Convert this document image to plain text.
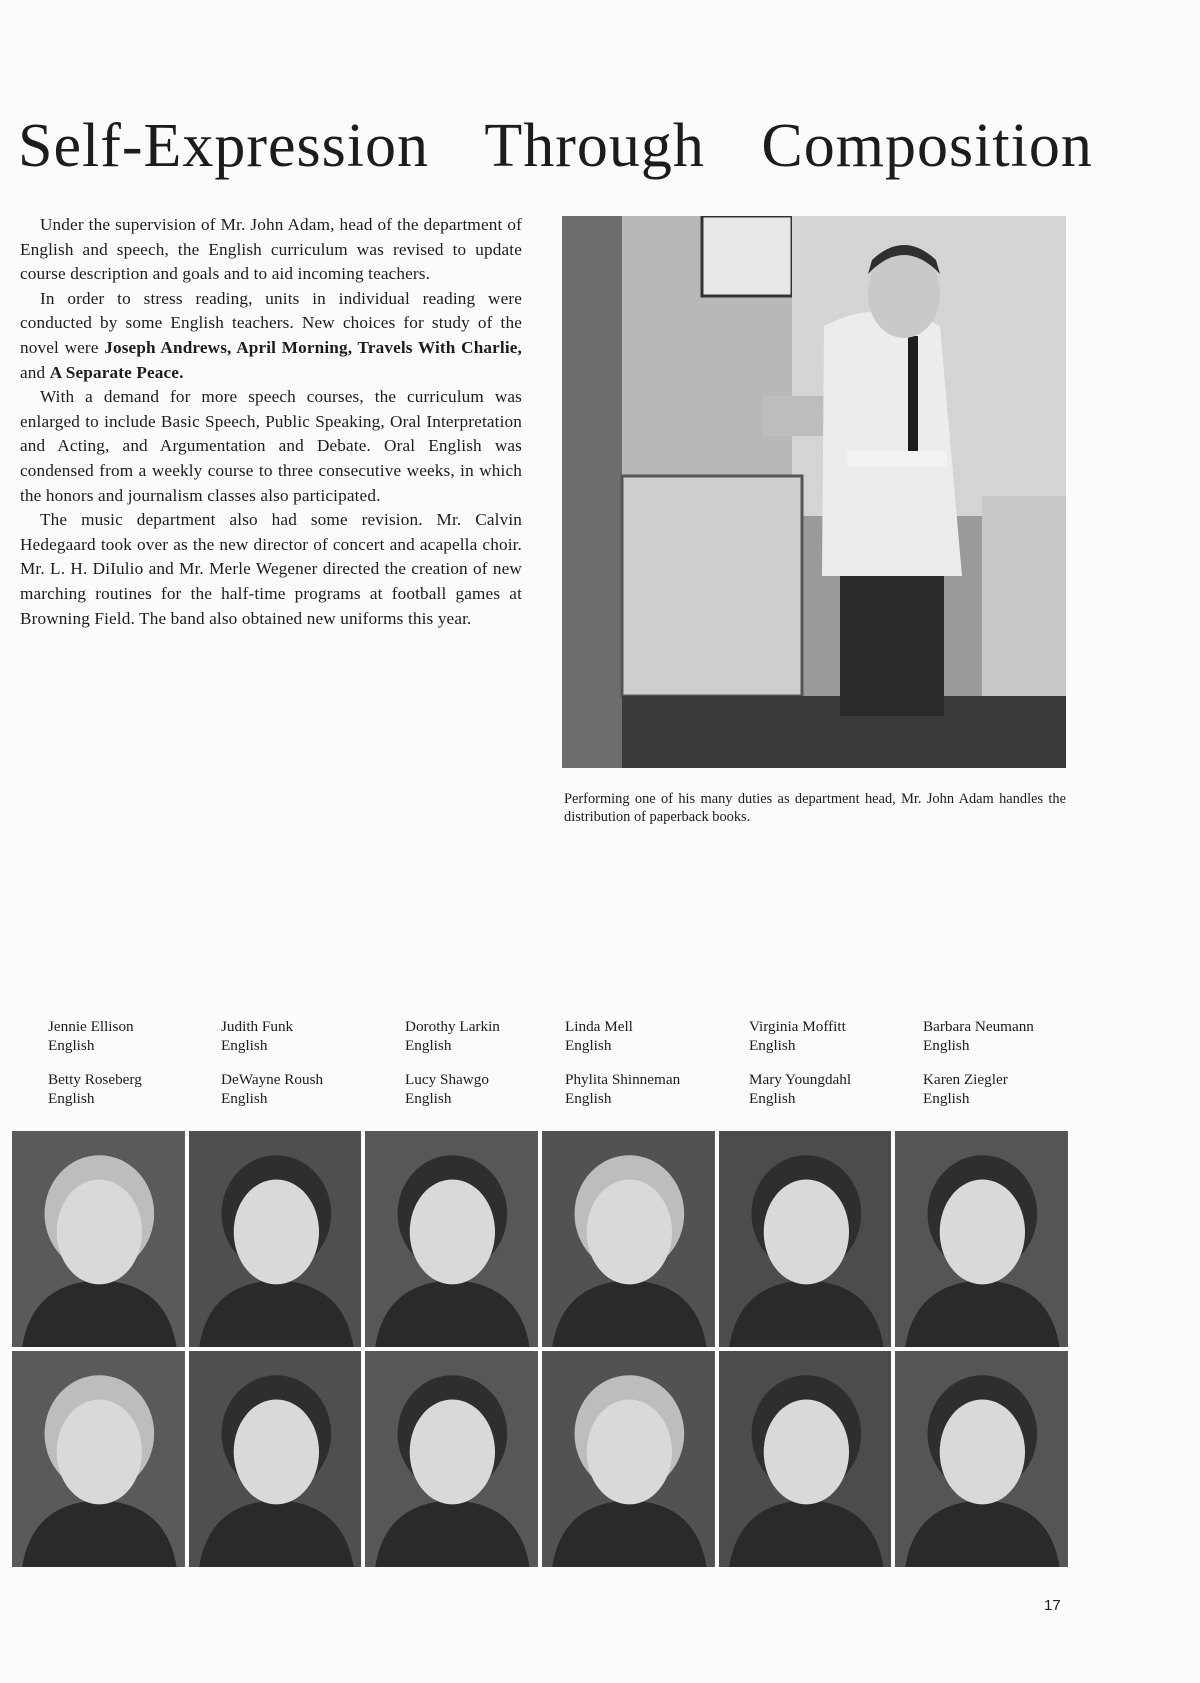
Self-Expression Through Composition

Under the supervision of Mr. John Adam, head of the department of English and speech, the English curriculum was revised to update course description and goals and to aid incoming teachers.

In order to stress reading, units in individual reading were conducted by some English teachers. New choices for study of the novel were Joseph Andrews, April Morning, Travels With Charlie, and A Separate Peace.

With a demand for more speech courses, the curriculum was enlarged to include Basic Speech, Public Speaking, Oral Interpretation and Acting, and Argumentation and Debate. Oral English was condensed from a weekly course to three consecutive weeks, in which the honors and journalism classes also participated.

The music department also had some revision. Mr. Calvin Hedegaard took over as the new director of concert and acapella choir. Mr. L. H. DiIulio and Mr. Merle Wegener directed the creation of new marching routines for the half-time programs at football games at Browning Field. The band also obtained new uniforms this year.

Performing one of his many duties as department head, Mr. John Adam handles the distribution of paperback books.
Jennie Ellison
English
Judith Funk
English
Dorothy Larkin
English
Linda Mell
English
Virginia Moffitt
English
Barbara Neumann
English
Betty Roseberg
English
DeWayne Roush
English
Lucy Shawgo
English
Phylita Shinneman
English
Mary Youngdahl
English
Karen Ziegler
English
17
